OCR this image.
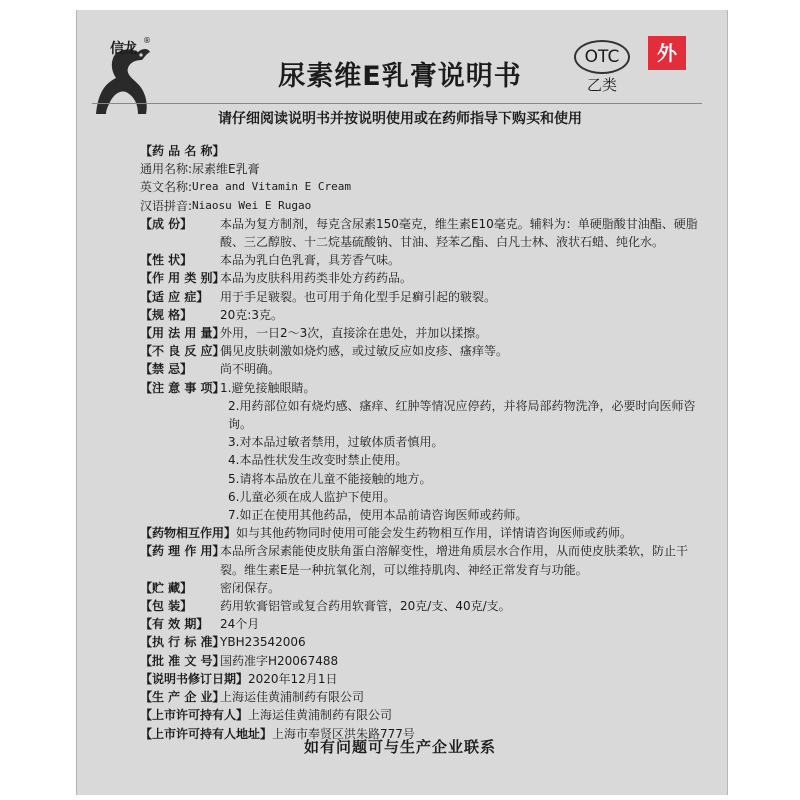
信龙
®
尿素维E乳膏说明书
OTC	外
乙类
请仔细阅读说明书并按说明使用或在药师指导下购买和使用
【药 品 名 称】
通用名称: 尿素维E乳膏
英文名称: Urea and Vitamin E Cream
汉语拼音: Niaosu Wei E Rugao
【成 份】	本品为复方制剂，每克含尿素150毫克，维生素E10毫克。辅料为：单硬脂酸甘油酯、硬脂酸、三乙醇胺、十二烷基硫酸钠、甘油、羟苯乙酯、白凡士林、液状石蜡、纯化水。
【性 状】	本品为乳白色乳膏，具芳香气味。
【作 用 类 别】
本品为皮肤科用药类非处方药药品。
【适 应 症】 用于手足皲裂。也可用于角化型手足癣引起的皲裂。
【规 格】	20克:3克。
【用 法 用 量】
外用，一日2～3次，直接涂在患处，并加以揉擦。
【不 良 反 应】
偶见皮肤刺激如烧灼感，或过敏反应如皮疹、瘙痒等。
【禁 忌】	尚不明确。
【注 意 事 项】
1.避免接触眼睛。
2.用药部位如有烧灼感、瘙痒、红肿等情况应停药，并将局部药物洗净，必要时向医师咨询。
3.对本品过敏者禁用，过敏体质者慎用。
4.本品性状发生改变时禁止使用。
5.请将本品放在儿童不能接触的地方。
6.儿童必须在成人监护下使用。
7.如正在使用其他药品，使用本品前请咨询医师或药师。
【药物相互作用】 如与其他药物同时使用可能会发生药物相互作用，详情请咨询医师或药师。
【药 理 作 用】
本品所含尿素能使皮肤角蛋白溶解变性，增进角质层水合作用，从而使皮肤柔软，防止干裂。维生素E是一种抗氧化剂，可以维持肌肉、神经正常发育与功能。
【贮 藏】	密闭保存。
【包 装】	药用软膏铝管或复合药用软膏管，20克/支、40克/支。
【有 效 期】 24个月
【执 行 标 准】
YBH23542006
【批 准 文 号】
国药准字H20067488
【说明书修订日期】 2020年12月1日
【生 产 企 业】
上海运佳黄浦制药有限公司
【上市许可持有人】 上海运佳黄浦制药有限公司
【上市许可持有人地址】 上海市奉贤区洪朱路777号
如有问题可与生产企业联系
